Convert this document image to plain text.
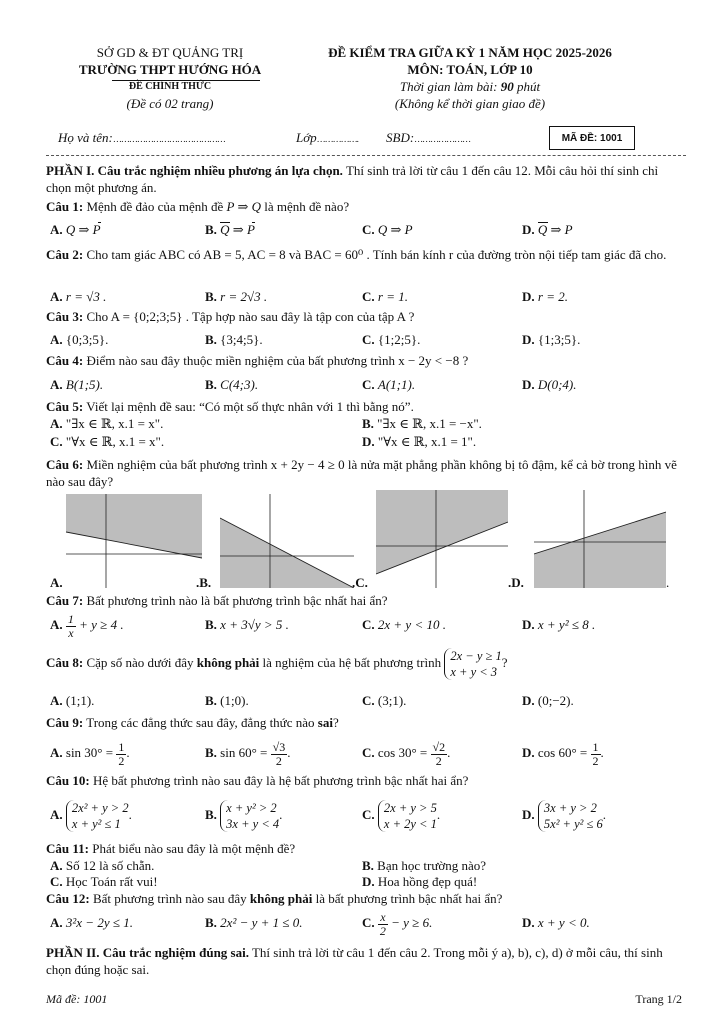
SỞ GD & ĐT QUẢNG TRỊ
TRƯỜNG THPT HƯỚNG HÓA
ĐỀ CHÍNH THỨC
(Đề có 02 trang)
ĐỀ KIỂM TRA GIỮA KỲ 1 NĂM HỌC 2025-2026
MÔN: TOÁN, LỚP 10
Thời gian làm bài: 90 phút
(Không kể thời gian giao đề)
Họ và tên:……………………………………	Lớp……………. SBD:…………………	MÃ ĐỀ: 1001
PHẦN I. Câu trắc nghiệm nhiều phương án lựa chọn. Thí sinh trả lời từ câu 1 đến câu 12. Mỗi câu hỏi thí sinh chỉ chọn một phương án.
Câu 1: Mệnh đề đảo của mệnh đề P ⇒ Q là mệnh đề nào?
A. Q ⇒ P	B. Q ⇒ P	C. Q ⇒ P	D. Q ⇒ P
Câu 2: Cho tam giác ABC có AB = 5, AC = 8 và BAC = 60⁰ . Tính bán kính r của đường tròn nội tiếp tam giác đã cho.
A. r = √3 .	B. r = 2√3 .	C. r = 1.	D. r = 2.
Câu 3: Cho A = {0;2;3;5} . Tập hợp nào sau đây là tập con của tập A ?
A. {0;3;5}.	B. {3;4;5}.	C. {1;2;5}.	D. {1;3;5}.
Câu 4: Điểm nào sau đây thuộc miền nghiệm của bất phương trình x − 2y < −8 ?
A. B(1;5).	B. C(4;3).	C. A(1;1).	D. D(0;4).
Câu 5: Viết lại mệnh đề sau: “Có một số thực nhân với 1 thì bằng nó”.
A. "∃x ∈ ℝ, x.1 = x".	B. "∃x ∈ ℝ, x.1 = −x".
C. "∀x ∈ ℝ, x.1 = x".	D. "∀x ∈ ℝ, x.1 = 1".
Câu 6: Miền nghiệm của bất phương trình x + 2y − 4 ≥ 0 là nửa mặt phẳng phần không bị tô đậm, kể cả bờ trong hình vẽ nào sau đây?
A.	.B.	.C.	.D.	.
Câu 7: Bất phương trình nào là bất phương trình bậc nhất hai ẩn?
A. $\frac{1}{x} + y \ge 4$ .	B. x + 3√y > 5 .	C. 2x + y < 10 .	D. x + y² ≤ 8 .
Câu 8: Cặp số nào dưới đây không phải là nghiệm của hệ bất phương trình 2x − y ≥ 1
x + y < 3
?
A. (1;1).	B. (1;0).	C. (3;1).	D. (0;−2).
Câu 9: Trong các đẳng thức sau đây, đẳng thức nào sai?
A. $\sin 30^\circ = \frac{1}{2}$ .	B. $\sin 60^\circ = \frac{√3}{2}$ .	C. $\cos 30^\circ = \frac{√2}{2}$ .	D. $\cos 60^\circ = \frac{1}{2}$ .
Câu 10: Hệ bất phương trình nào sau đây là hệ bất phương trình bậc nhất hai ẩn?
A. 2x² + y > 2
x + y² ≤ 1
.	B. x + y² > 2
3x + y < 4
.	C. 2x + y > 5
x + 2y < 1
.	D. 3x + y > 2
5x² + y² ≤ 6
.
Câu 11: Phát biểu nào sau đây là một mệnh đề?
A. Số 12 là số chẵn.	B. Bạn học trường nào?
C. Học Toán rất vui!	D. Hoa hồng đẹp quá!
Câu 12: Bất phương trình nào sau đây không phải là bất phương trình bậc nhất hai ẩn?
A. 3²x − 2y ≤ 1.	B. 2x² − y + 1 ≤ 0.	C. $\frac{x}{2} - y \ge 6$.	D. x + y < 0.
PHẦN II. Câu trắc nghiệm đúng sai. Thí sinh trả lời từ câu 1 đến câu 2. Trong mỗi ý a), b), c), d) ở mỗi câu, thí sinh chọn đúng hoặc sai.
Mã đề: 1001	Trang 1/2
